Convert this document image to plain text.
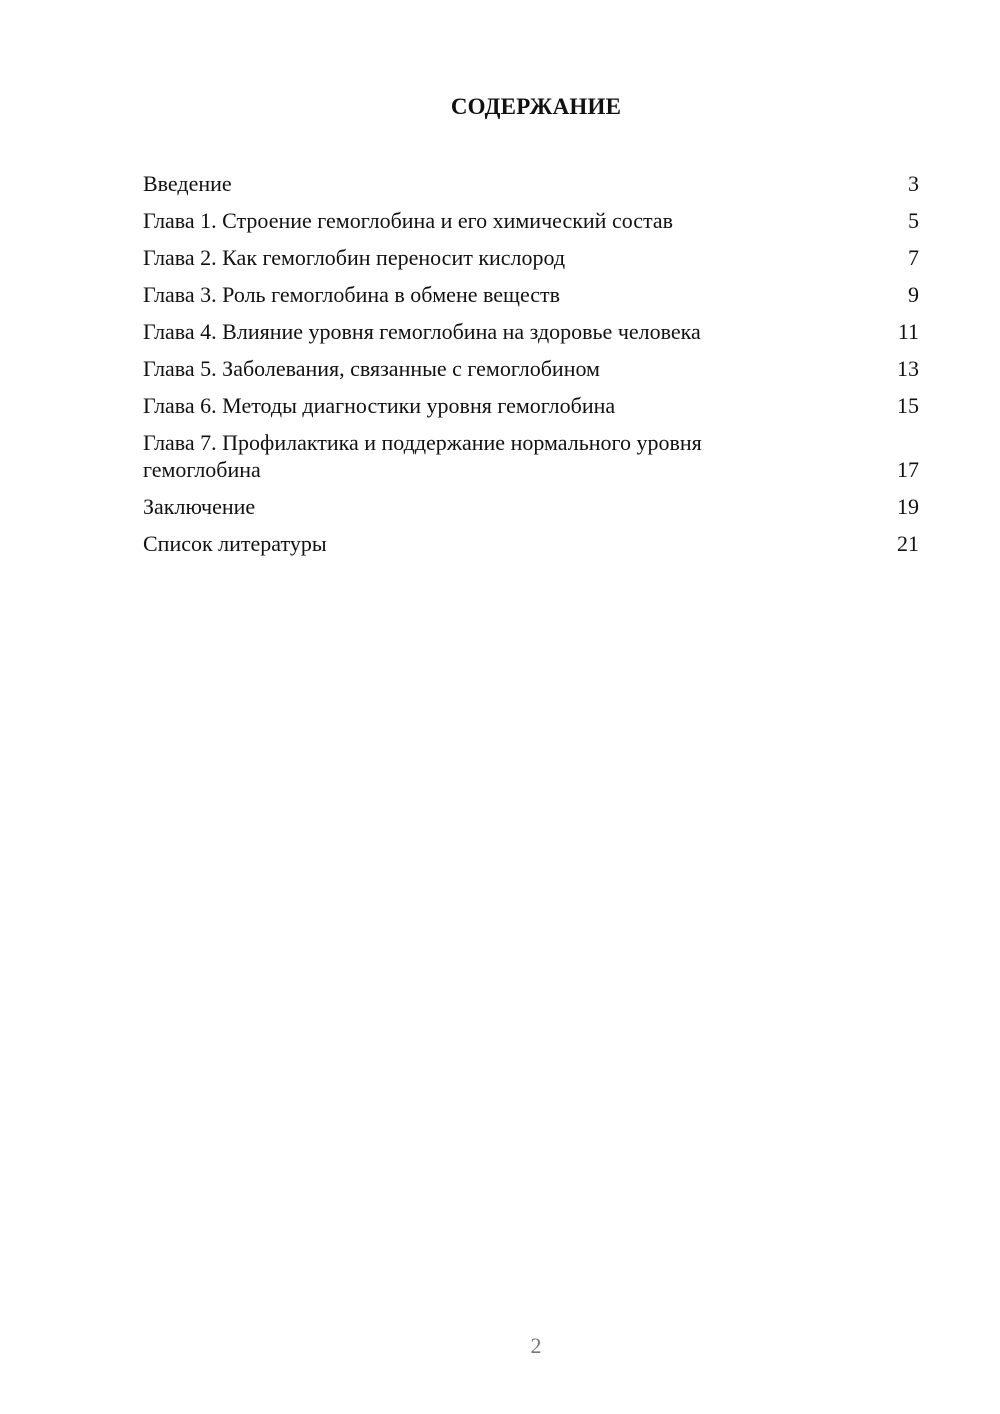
СОДЕРЖАНИЕ
Введение	3
Глава 1. Строение гемоглобина и его химический состав	5
Глава 2. Как гемоглобин переносит кислород	7
Глава 3. Роль гемоглобина в обмене веществ	9
Глава 4. Влияние уровня гемоглобина на здоровье человека	11
Глава 5. Заболевания, связанные с гемоглобином	13
Глава 6. Методы диагностики уровня гемоглобина	15
Глава 7. Профилактика и поддержание нормального уровня гемоглобина	17
Заключение	19
Список литературы	21
2
